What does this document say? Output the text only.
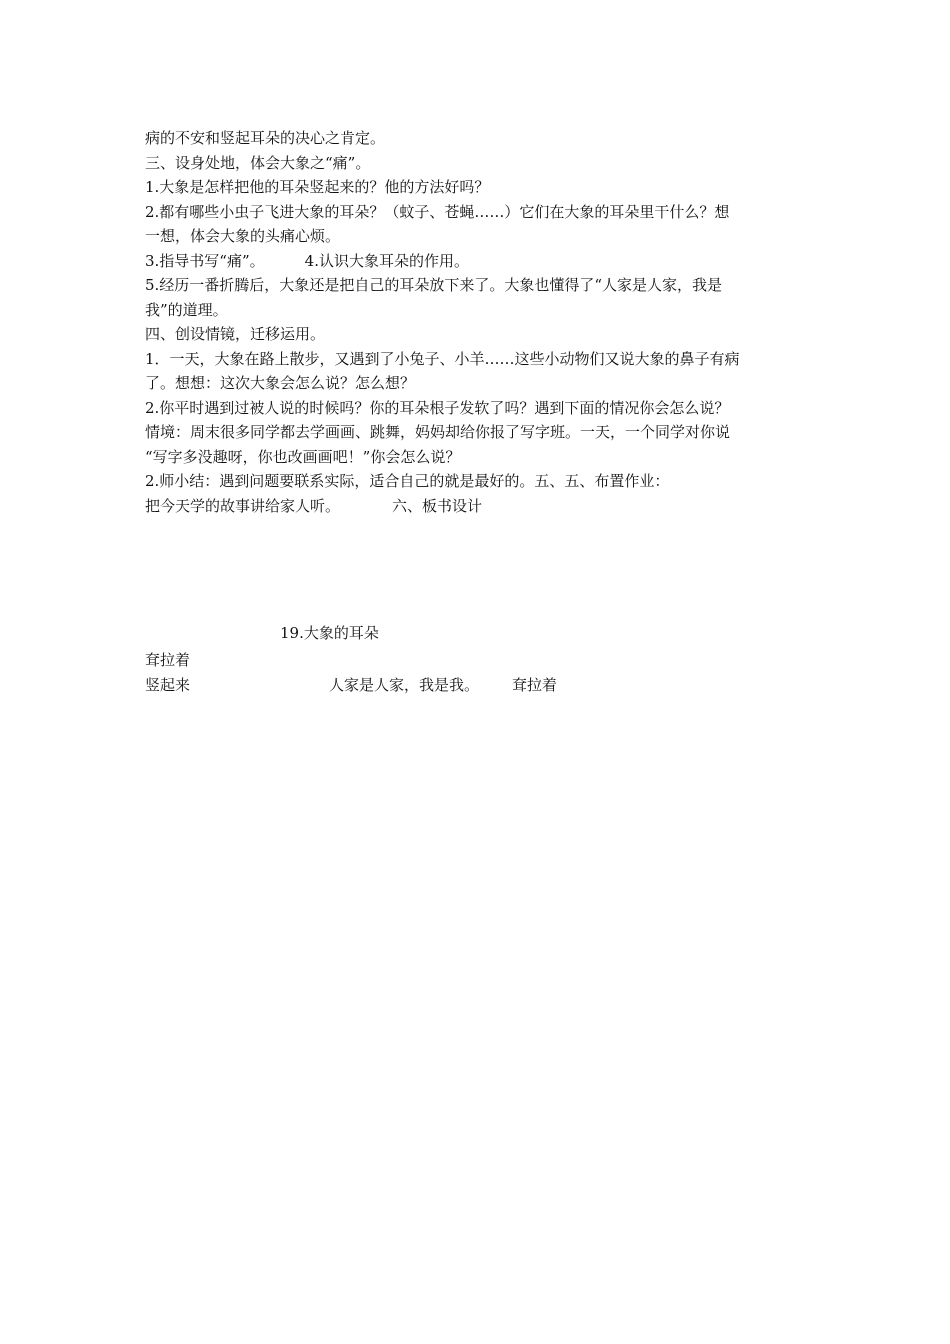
病的不安和竖起耳朵的决心之肯定。
三、设身处地，体会大象之“痛”。
1.大象是怎样把他的耳朵竖起来的？他的方法好吗？
2.都有哪些小虫子飞进大象的耳朵？（蚊子、苍蝇……）它们在大象的耳朵里干什么？想
一想，体会大象的头痛心烦。
3.指导书写“痛”。	4.认识大象耳朵的作用。
5.经历一番折腾后，大象还是把自己的耳朵放下来了。大象也懂得了“人家是人家，我是
我”的道理。
四、创设情镜，迁移运用。
1．一天，大象在路上散步，又遇到了小兔子、小羊……这些小动物们又说大象的鼻子有病
了。想想：这次大象会怎么说？怎么想？
2.你平时遇到过被人说的时候吗？你的耳朵根子发软了吗？遇到下面的情况你会怎么说？
情境：周末很多同学都去学画画、跳舞，妈妈却给你报了写字班。一天，一个同学对你说
“写字多没趣呀，你也改画画吧！”你会怎么说？
2.师小结：遇到问题要联系实际，适合自己的就是最好的。五、五、布置作业：
把今天学的故事讲给家人听。	六、板书设计
19.大象的耳朵
耷拉着
竖起来	人家是人家，我是我。 耷拉着
